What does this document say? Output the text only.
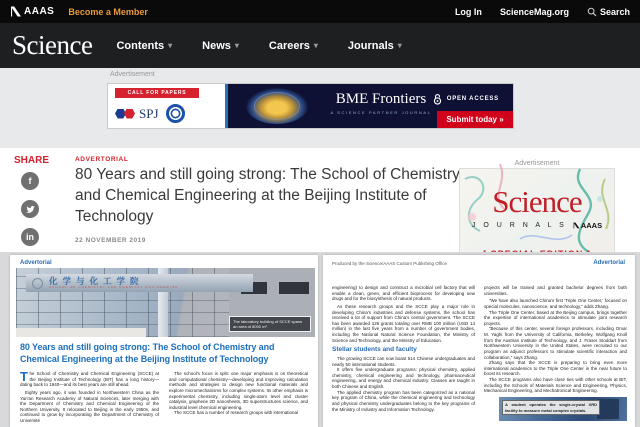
AAAS Become a Member	Log In ScienceMag.org	Search
Science Contents ▾	News ▾	Careers ▾	Journals ▾
Advertisement
CALL FOR PAPERS
SPJ
BME Frontiers
A SCIENCE PARTNER JOURNAL
OPEN ACCESS
Submit today »
SHARE
f
in
ADVERTORIAL
80 Years and still going strong: The School of Chemistry and Chemical Engineering at the Beijing Institute of Technology
22 NOVEMBER 2019
Advertisement
Science
J O U R N A L S AAAS
Advertorial
化学与化工学院
SCHOOL OF CHEMISTRY AND CHEMICAL ENGINEERING
The laboratory building of SCCE spans an area of 8000 m².
80 Years and still going strong: The School of Chemistry and Chemical Engineering at the Beijing Institute of Technology

The School of Chemistry and Chemical Engineering (SCCE) at the Beijing Institute of Technology (BIT) has a long history—dating back to 1940—and its best years are still ahead.

Eighty years ago, it was founded in Northwestern China as the Yan'an Research Academy of Natural Sciences, later merging with the Department of Chemistry and Chemical Engineering of the Northern University. It relocated to Beijing in the early 1950s, and continued to grow by incorporating the Department of Chemistry of Université

The school's focus is split: one major emphasis is on theoretical and computational chemistry—developing and improving calculation methods and strategies to design new functional materials and explore micromechanisms for complex systems. Its other emphasis is experimental chemistry, including single-atom level and cluster catalysis, graphene 2D nanosheets, 3D superstructures science, and industrial level chemical engineering.

The SCCE has a number of research groups with international

Produced by the Science/AAAS Custom Publishing Office	Advertorial

engineering) to design and construct a microbial cell factory that will enable a clean, green, and efficient bioprocess for developing new drugs and for the biosynthesis of natural products.

As these research groups and the SCCE play a major role in developing China's industries and defense systems, the school has received a lot of support from China's central government. The SCCE has been awarded 126 grants totaling over RMB 100 million (USD 14 million) in the last five years from a number of government bodies, including the National Natural Science Foundation, the Ministry of Science and Technology, and the Ministry of Education.

Stellar students and faculty

The growing SCCE can now boast 514 Chinese undergraduates and nearly 50 international students.

It offers five undergraduate programs: physical chemistry, applied chemistry, chemical engineering and technology, pharmaceutical engineering, and energy and chemical industry. Classes are taught in both Chinese and English.

The applied chemistry program has been categorized as a national key program of China, while the chemical engineering and technology and physical chemistry undergraduates belong to the key programs of the Ministry of Industry and Information Technology.

projects will be trained and granted bachelor degrees from both universities.

“We have also launched China's first 'Triple One Center,' focused on special molecules, nanoscience, and technology,” adds Zhang.

The Triple One Center, based at the Beijing campus, brings together the expertise of international academics to stimulate joint research projects.

“Because of this center, several foreign professors, including Omar M. Yaghi from the University of California, Berkeley, Wolfgang Knoll from the Austrian Institute of Technology, and J. Fraser Stoddart from Northwestern University in the United States, were recruited to our program as adjunct professors to stimulate scientific interaction and collaboration,” says Zhang.

Zhang says that the SCCE is preparing to bring even more international academics to the Triple One Center in the near future to boost its research.

The SCCE programs also have close ties with other schools at BIT, including the Schools of Materials Science and Engineering, Physics, Mechanical Engineering, and Mechatronical Engineering.

A student operates the single-crystal XRD facility to measure metal complex crystals.
